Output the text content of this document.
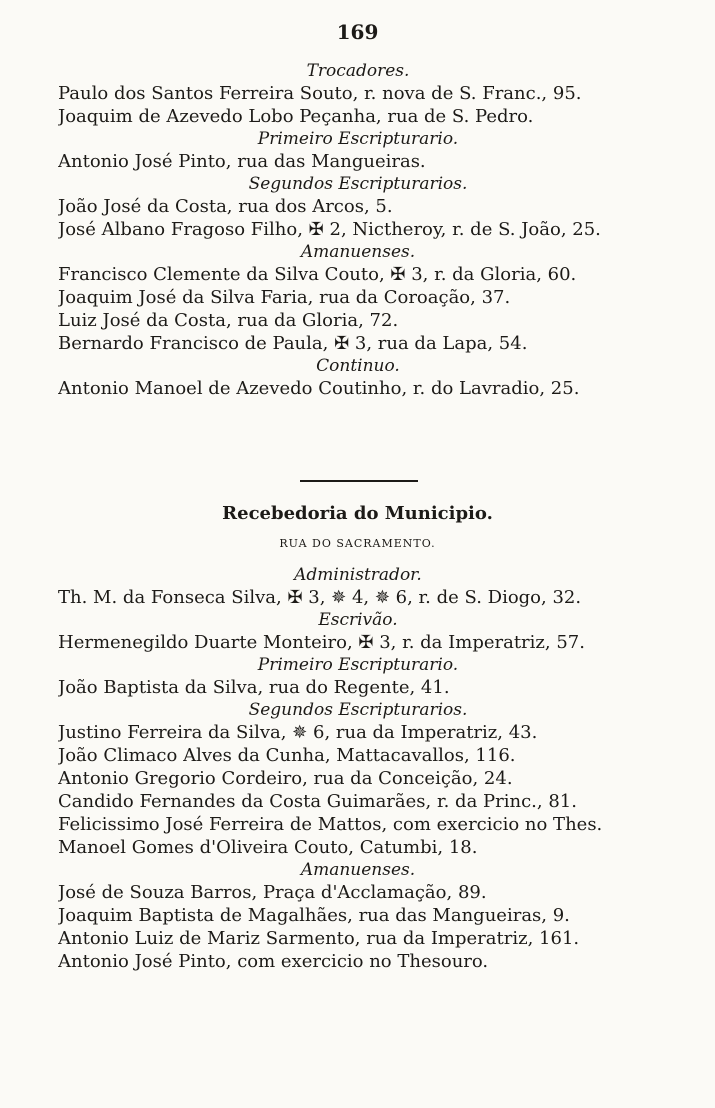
169
Trocadores.
Paulo dos Santos Ferreira Souto, r. nova de S. Franc., 95.
Joaquim de Azevedo Lobo Peçanha, rua de S. Pedro.
Primeiro Escripturario.
Antonio José Pinto, rua das Mangueiras.
Segundos Escripturarios.
João José da Costa, rua dos Arcos, 5.
José Albano Fragoso Filho, ✠ 2, Nictheroy, r. de S. João, 25.
Amanuenses.
Francisco Clemente da Silva Couto, ✠ 3, r. da Gloria, 60.
Joaquim José da Silva Faria, rua da Coroação, 37.
Luiz José da Costa, rua da Gloria, 72.
Bernardo Francisco de Paula, ✠ 3, rua da Lapa, 54.
Continuo.
Antonio Manoel de Azevedo Coutinho, r. do Lavradio, 25.
Recebedoria do Municipio.
RUA DO SACRAMENTO.
Administrador.
Th. M. da Fonseca Silva, ✠ 3, ✵ 4, ✵ 6, r. de S. Diogo, 32.
Escrivão.
Hermenegildo Duarte Monteiro, ✠ 3, r. da Imperatriz, 57.
Primeiro Escripturario.
João Baptista da Silva, rua do Regente, 41.
Segundos Escripturarios.
Justino Ferreira da Silva, ✵ 6, rua da Imperatriz, 43.
João Climaco Alves da Cunha, Mattacavallos, 116.
Antonio Gregorio Cordeiro, rua da Conceição, 24.
Candido Fernandes da Costa Guimarães, r. da Princ., 81.
Felicissimo José Ferreira de Mattos, com exercicio no Thes.
Manoel Gomes d'Oliveira Couto, Catumbi, 18.
Amanuenses.
José de Souza Barros, Praça d'Acclamação, 89.
Joaquim Baptista de Magalhães, rua das Mangueiras, 9.
Antonio Luiz de Mariz Sarmento, rua da Imperatriz, 161.
Antonio José Pinto, com exercicio no Thesouro.
